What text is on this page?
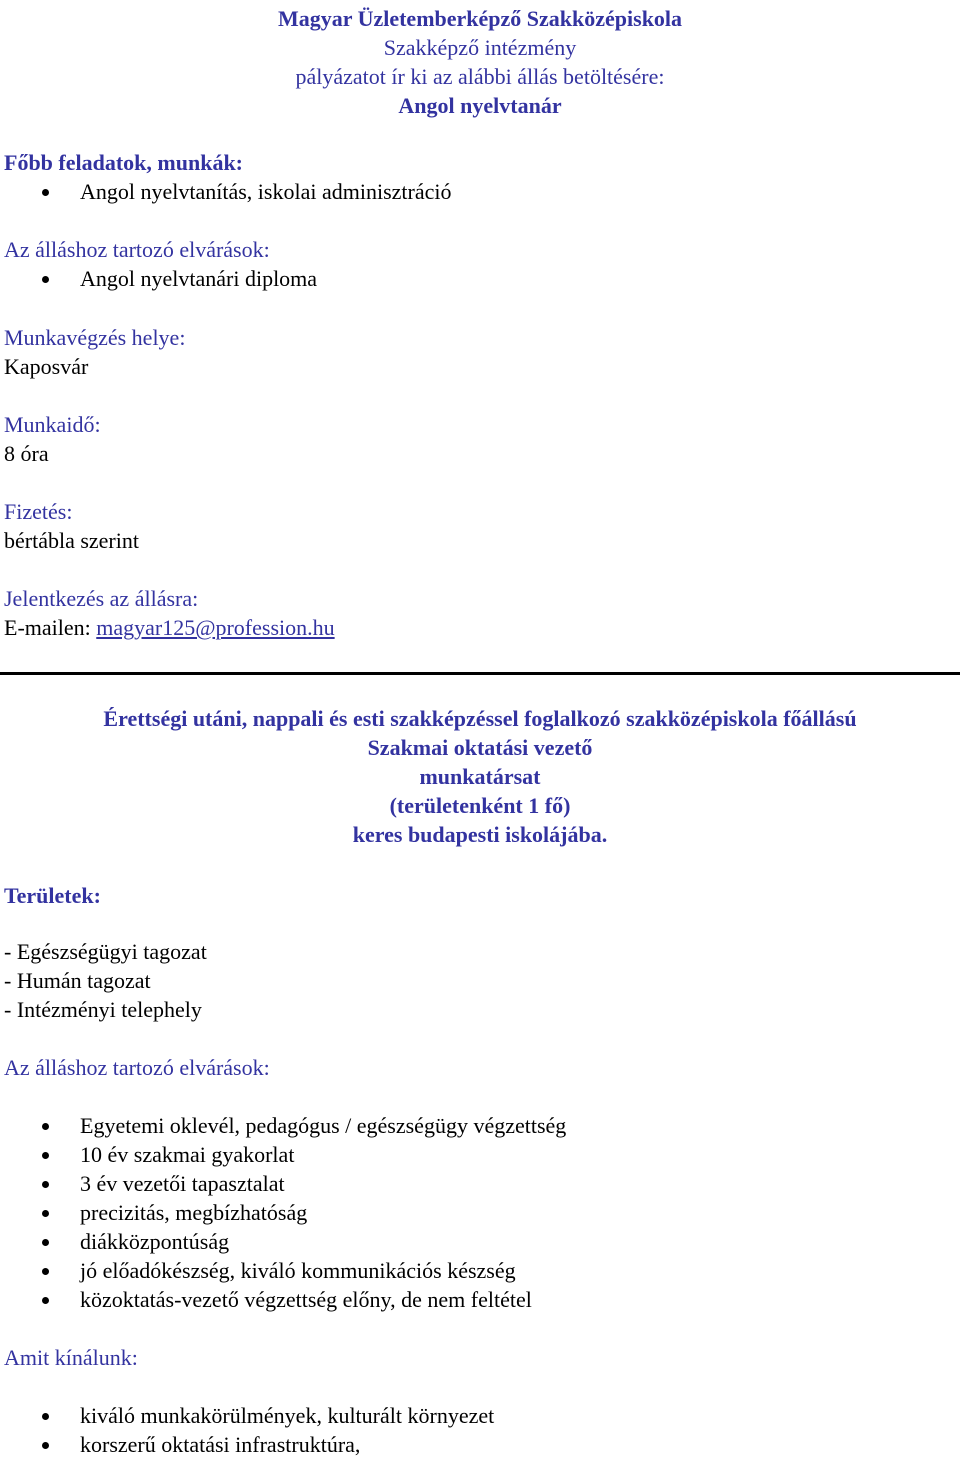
Magyar Üzletemberképző Szakközépiskola
Szakképző intézmény
pályázatot ír ki az alábbi állás betöltésére:
Angol nyelvtanár
Főbb feladatok, munkák:
Angol nyelvtanítás, iskolai adminisztráció
Az álláshoz tartozó elvárások:
Angol nyelvtanári diploma
Munkavégzés helye:
Kaposvár
Munkaidő:
8 óra
Fizetés:
bértábla szerint
Jelentkezés az állásra:
E-mailen: magyar125@profession.hu
Érettségi utáni, nappali és esti szakképzéssel foglalkozó szakközépiskola főállású
Szakmai oktatási vezető
munkatársat
(területenként 1 fő)
keres budapesti iskolájába.
Területek:
- Egészségügyi tagozat
- Humán tagozat
- Intézményi telephely
Az álláshoz tartozó elvárások:
Egyetemi oklevél, pedagógus / egészségügy végzettség
10 év szakmai gyakorlat
3 év vezetői tapasztalat
precizitás, megbízhatóság
diákközpontúság
jó előadókészség, kiváló kommunikációs készség
közoktatás-vezető végzettség előny, de nem feltétel
Amit kínálunk:
kiváló munkakörülmények, kulturált környezet
korszerű oktatási infrastruktúra,
